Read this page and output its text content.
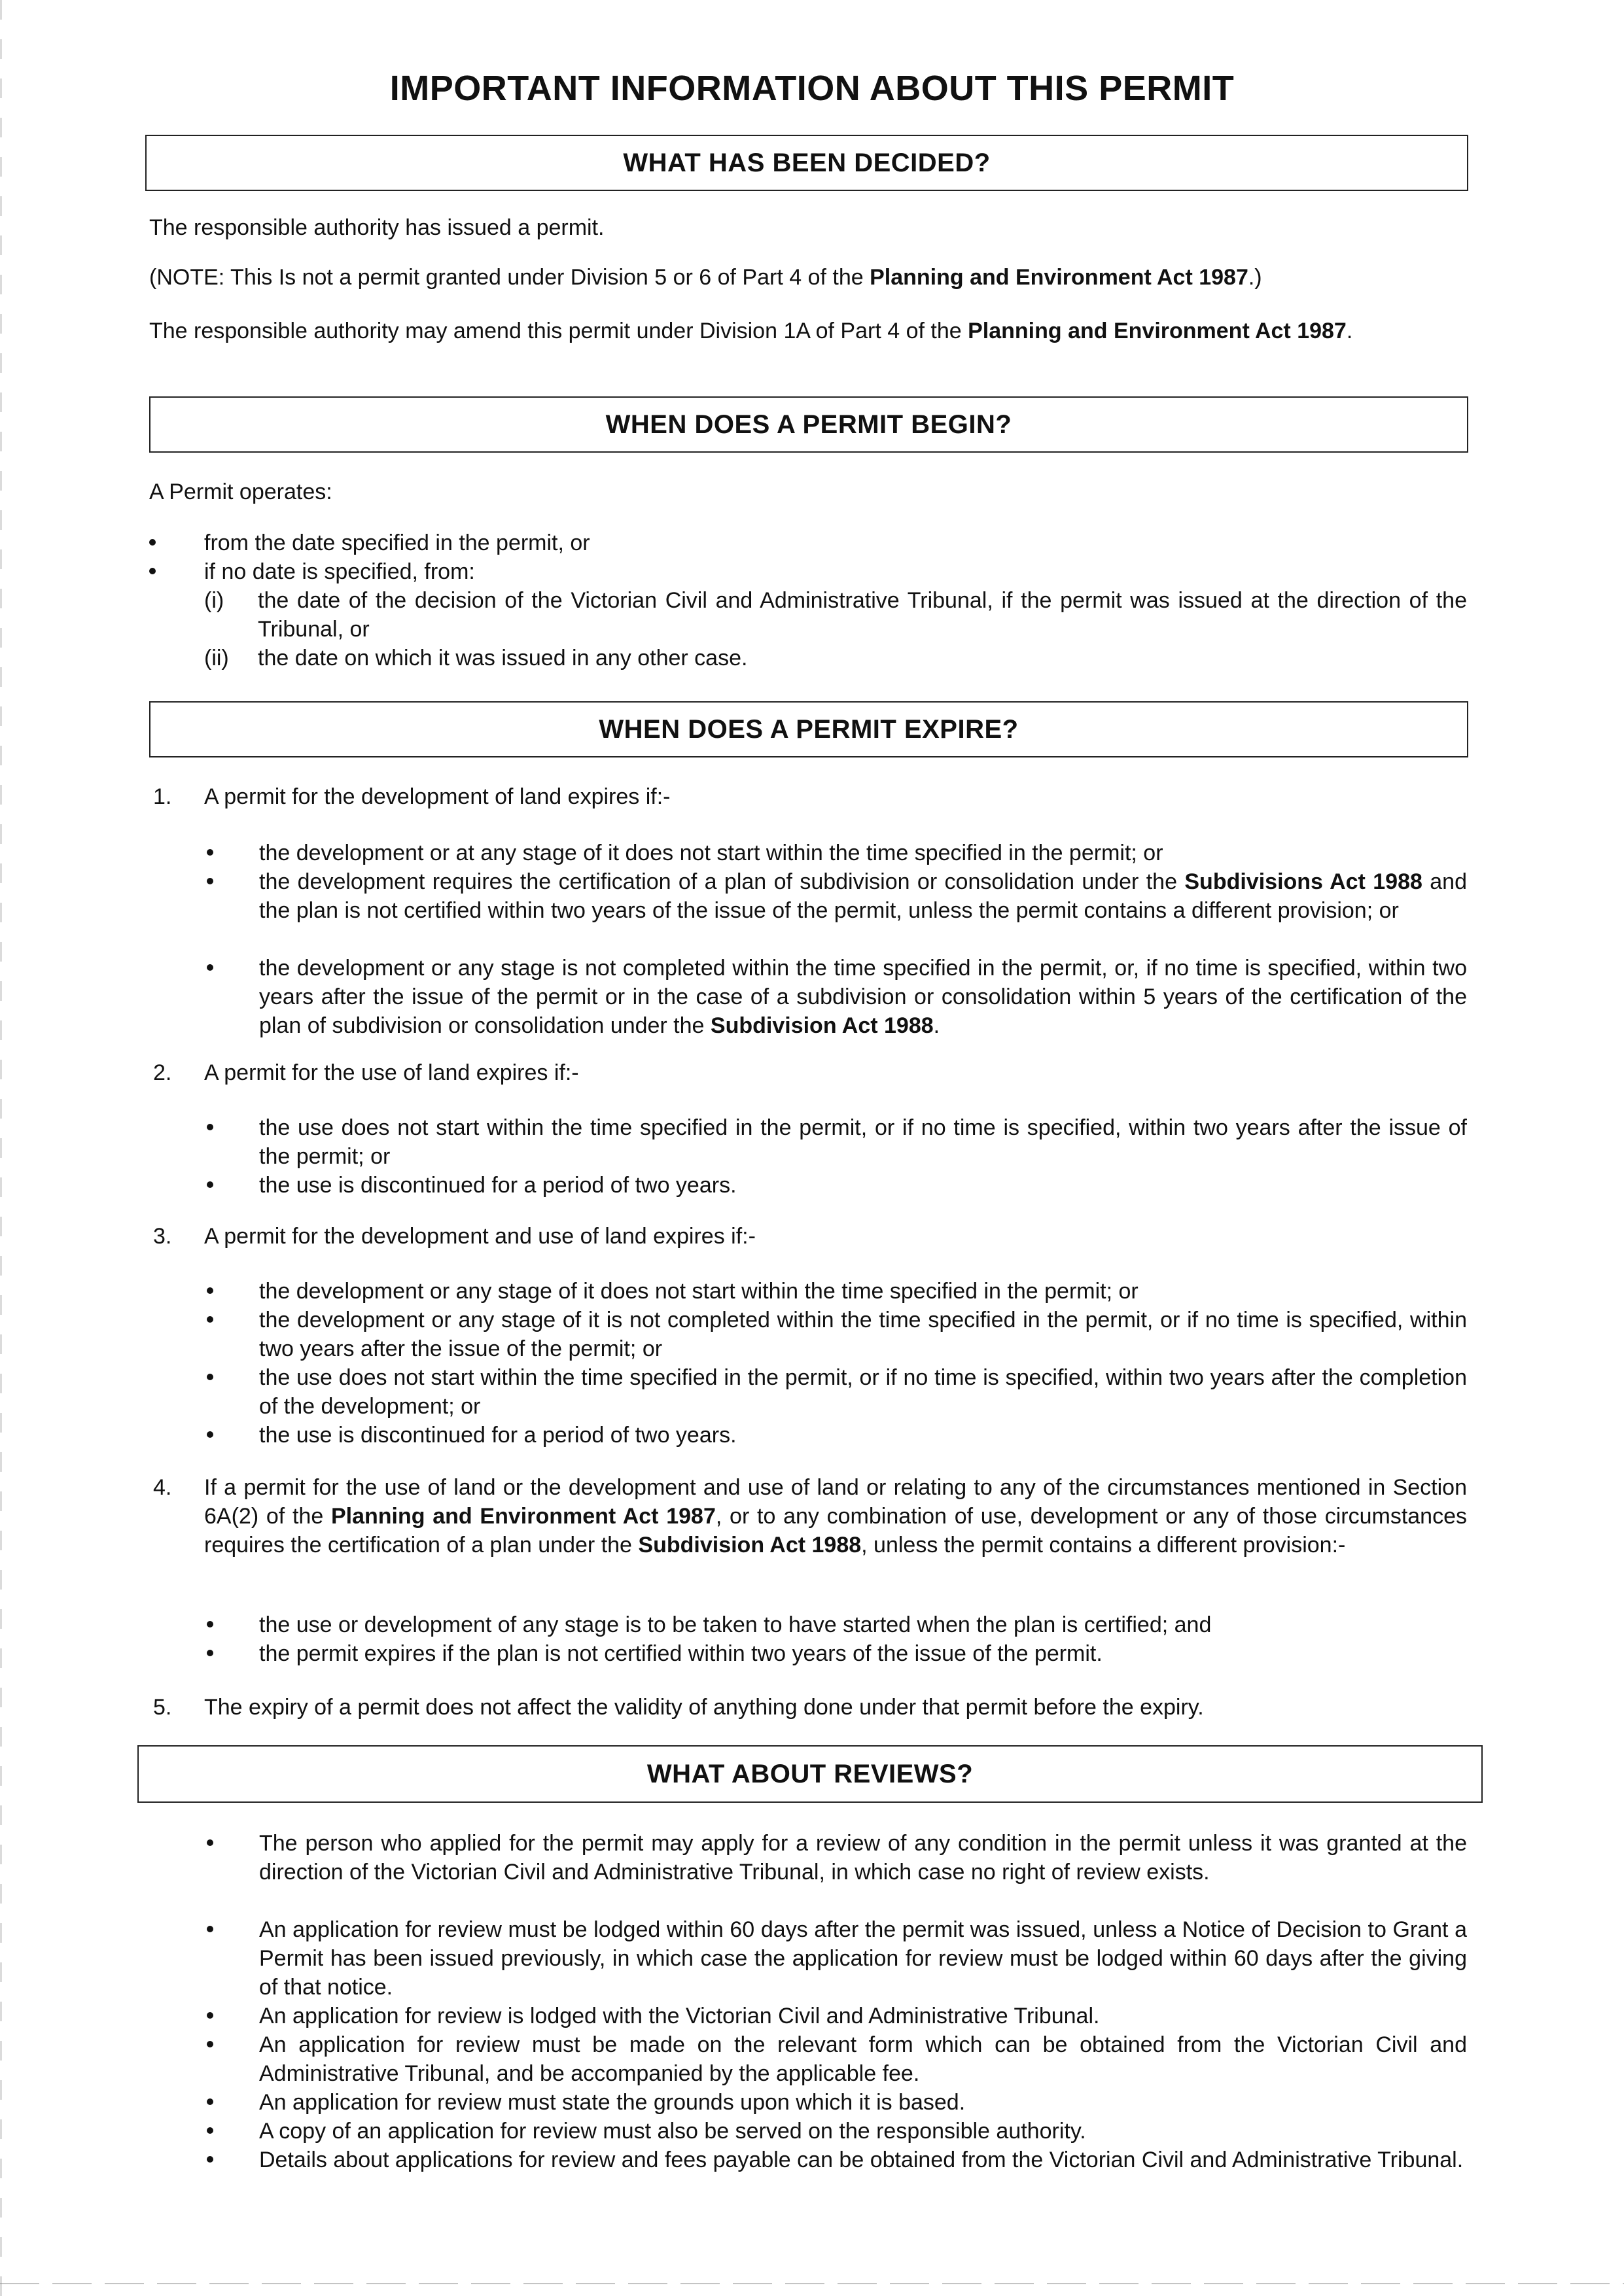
IMPORTANT INFORMATION ABOUT THIS PERMIT
WHAT HAS BEEN DECIDED?
The responsible authority has issued a permit.
(NOTE: This Is not a permit granted under Division 5 or 6 of Part 4 of the Planning and Environment Act 1987.)
The responsible authority may amend this permit under Division 1A of Part 4 of the Planning and Environment Act 1987.
WHEN DOES A PERMIT BEGIN?
A Permit operates:
from the date specified in the permit, or
if no date is specified, from:
(i) the date of the decision of the Victorian Civil and Administrative Tribunal, if the permit was issued at the direction of the Tribunal, or
(ii) the date on which it was issued in any other case.
WHEN DOES A PERMIT EXPIRE?
1. A permit for the development of land expires if:-
the development or at any stage of it does not start within the time specified in the permit; or
the development requires the certification of a plan of subdivision or consolidation under the Subdivisions Act 1988 and the plan is not certified within two years of the issue of the permit, unless the permit contains a different provision; or
the development or any stage is not completed within the time specified in the permit, or, if no time is specified, within two years after the issue of the permit or in the case of a subdivision or consolidation within 5 years of the certification of the plan of subdivision or consolidation under the Subdivision Act 1988.
2. A permit for the use of land expires if:-
the use does not start within the time specified in the permit, or if no time is specified, within two years after the issue of the permit; or
the use is discontinued for a period of two years.
3. A permit for the development and use of land expires if:-
the development or any stage of it does not start within the time specified in the permit; or
the development or any stage of it is not completed within the time specified in the permit, or if no time is specified, within two years after the issue of the permit; or
the use does not start within the time specified in the permit, or if no time is specified, within two years after the completion of the development; or
the use is discontinued for a period of two years.
4. If a permit for the use of land or the development and use of land or relating to any of the circumstances mentioned in Section 6A(2) of the Planning and Environment Act 1987, or to any combination of use, development or any of those circumstances requires the certification of a plan under the Subdivision Act 1988, unless the permit contains a different provision:-
the use or development of any stage is to be taken to have started when the plan is certified; and
the permit expires if the plan is not certified within two years of the issue of the permit.
5. The expiry of a permit does not affect the validity of anything done under that permit before the expiry.
WHAT ABOUT REVIEWS?
The person who applied for the permit may apply for a review of any condition in the permit unless it was granted at the direction of the Victorian Civil and Administrative Tribunal, in which case no right of review exists.
An application for review must be lodged within 60 days after the permit was issued, unless a Notice of Decision to Grant a Permit has been issued previously, in which case the application for review must be lodged within 60 days after the giving of that notice.
An application for review is lodged with the Victorian Civil and Administrative Tribunal.
An application for review must be made on the relevant form which can be obtained from the Victorian Civil and Administrative Tribunal, and be accompanied by the applicable fee.
An application for review must state the grounds upon which it is based.
A copy of an application for review must also be served on the responsible authority.
Details about applications for review and fees payable can be obtained from the Victorian Civil and Administrative Tribunal.
